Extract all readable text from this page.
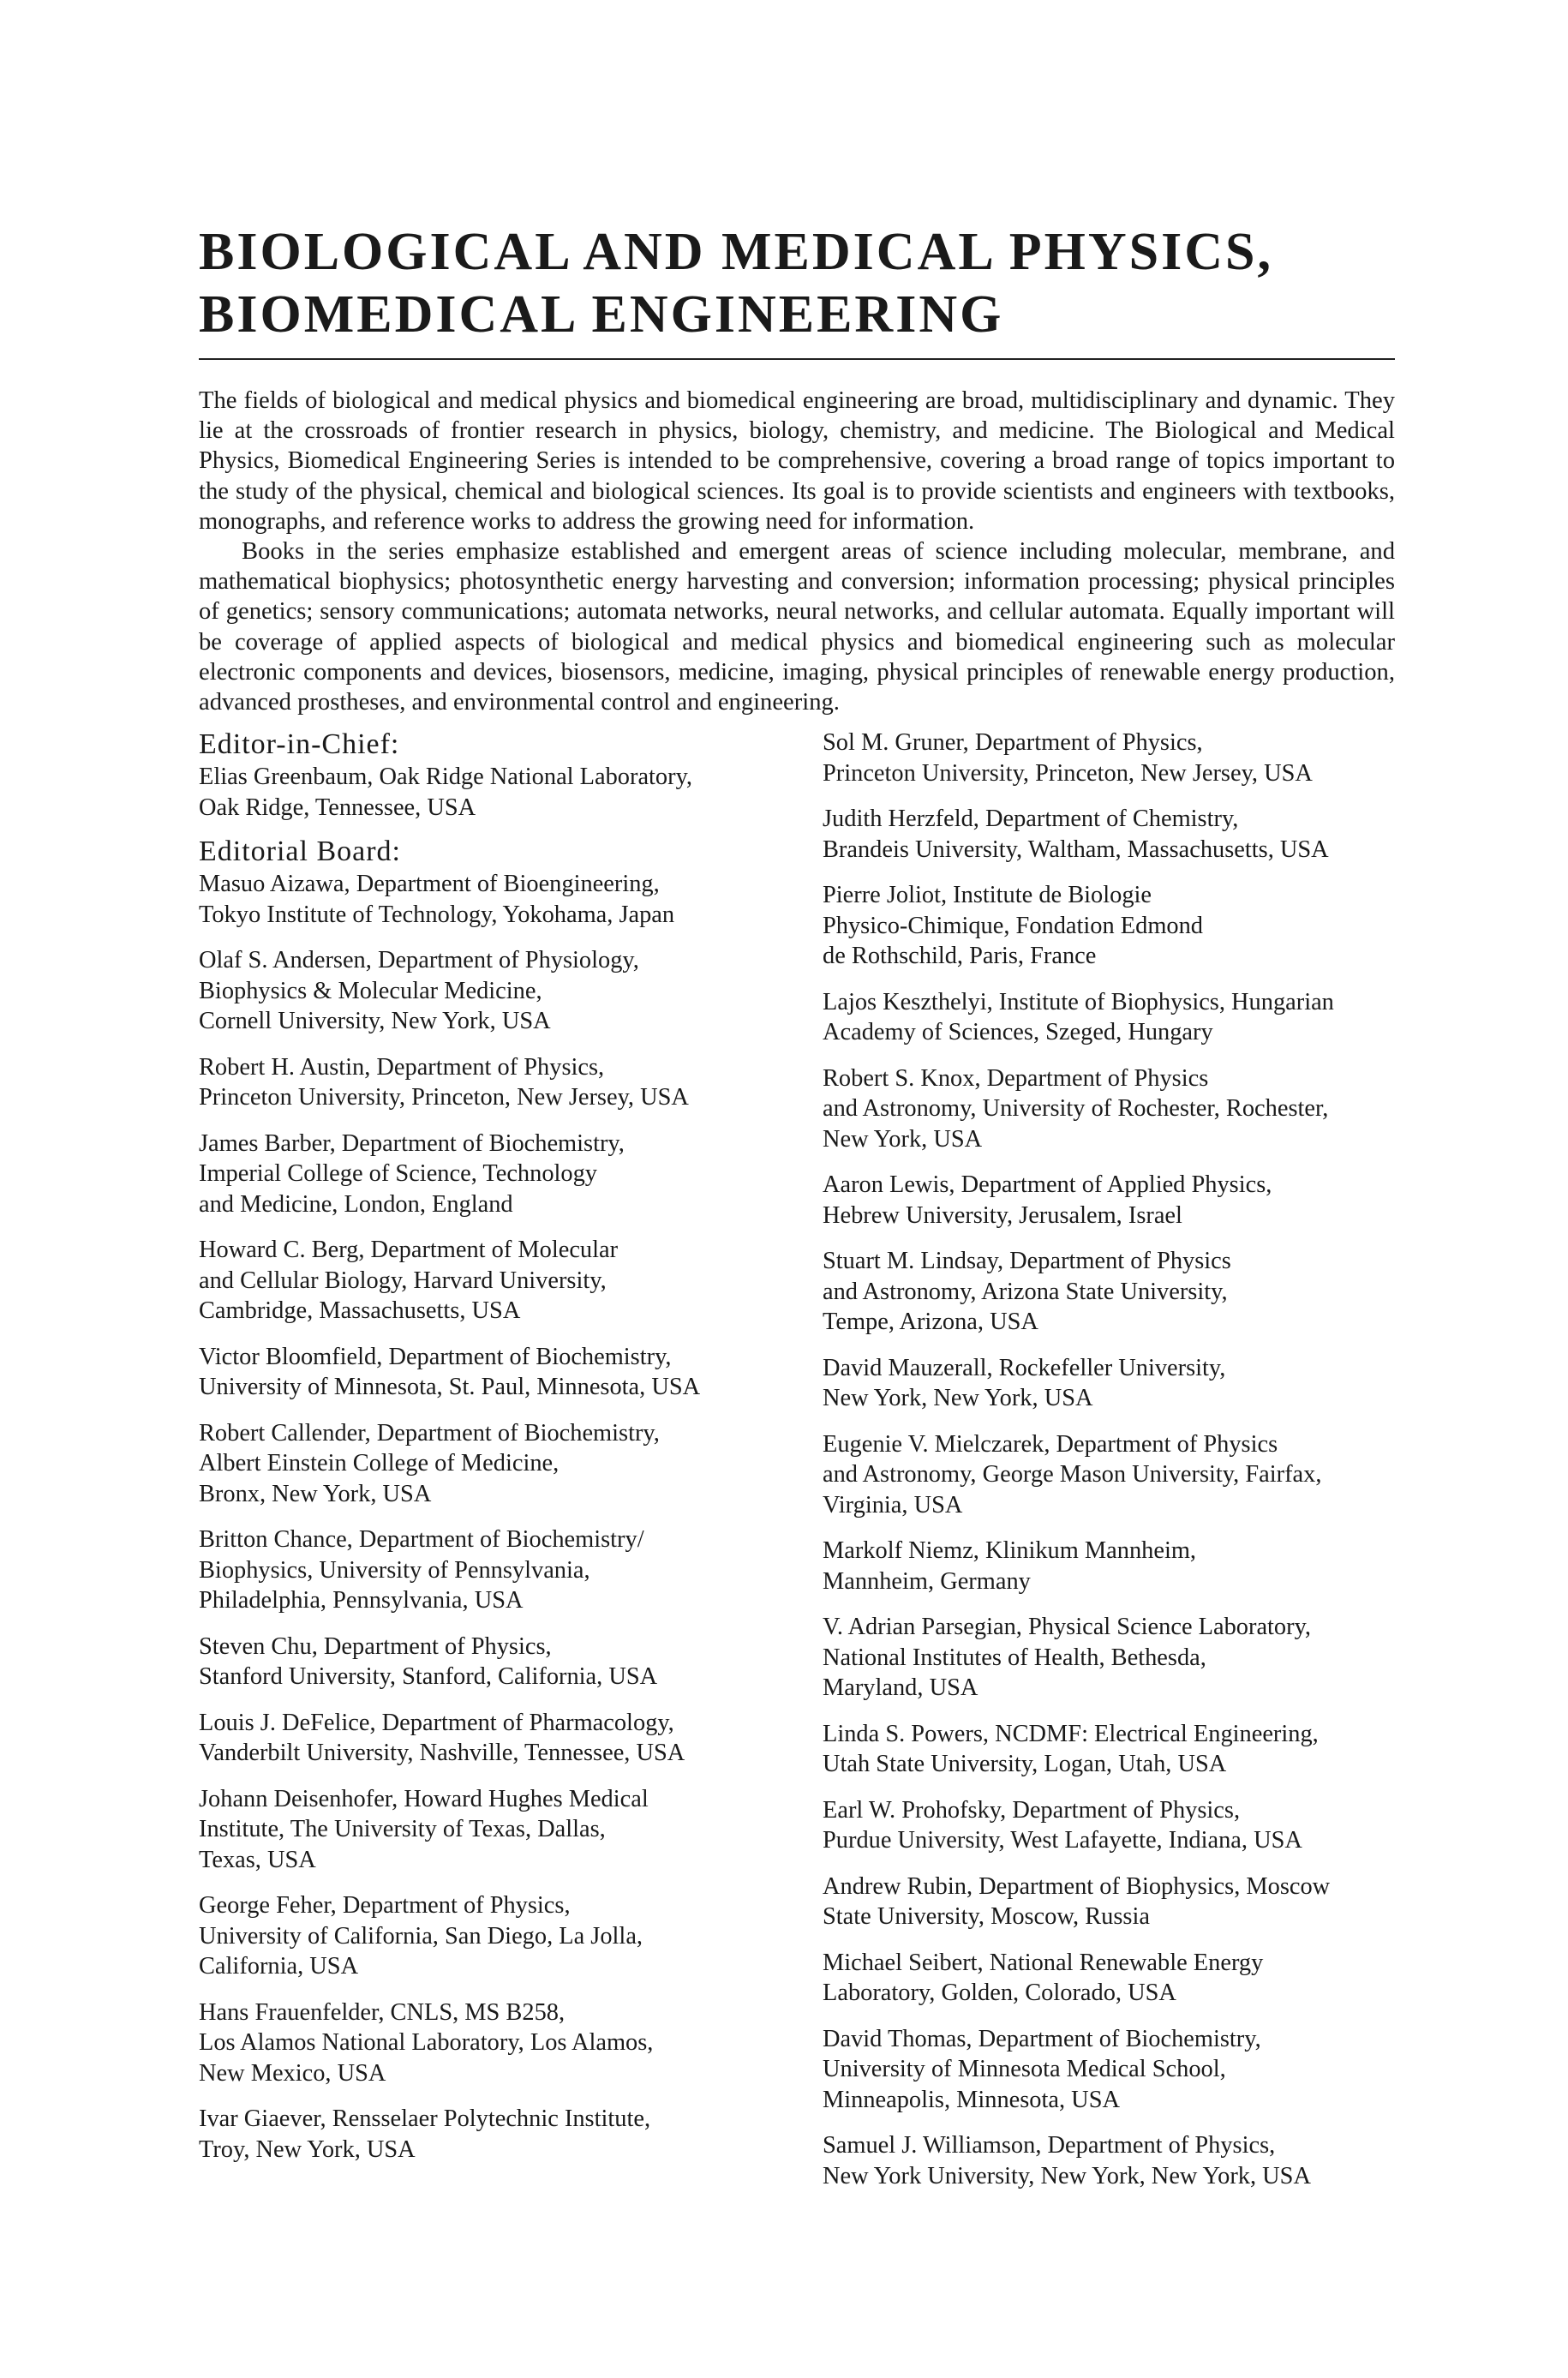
BIOLOGICAL AND MEDICAL PHYSICS,
BIOMEDICAL ENGINEERING

The fields of biological and medical physics and biomedical engineering are broad, multidisciplinary and dynamic. They lie at the crossroads of frontier research in physics, biology, chemistry, and medicine. The Biological and Medical Physics, Biomedical Engineering Series is intended to be comprehensive, covering a broad range of topics important to the study of the physical, chemical and biological sciences. Its goal is to provide scientists and engineers with textbooks, monographs, and reference works to address the growing need for information.

Books in the series emphasize established and emergent areas of science including molecular, membrane, and mathematical biophysics; photosynthetic energy harvesting and conversion; information processing; physical principles of genetics; sensory communications; automata networks, neural networks, and cellular automata. Equally important will be coverage of applied aspects of biological and medical physics and biomedical engineering such as molecular electronic components and devices, biosensors, medicine, imaging, physical principles of renewable energy production, advanced prostheses, and environmental control and engineering.

Editor-in-Chief:
Elias Greenbaum, Oak Ridge National Laboratory,
Oak Ridge, Tennessee, USA
Editorial Board:
Masuo Aizawa, Department of Bioengineering,
Tokyo Institute of Technology, Yokohama, Japan
Olaf S. Andersen, Department of Physiology,
Biophysics & Molecular Medicine,
Cornell University, New York, USA
Robert H. Austin, Department of Physics,
Princeton University, Princeton, New Jersey, USA
James Barber, Department of Biochemistry,
Imperial College of Science, Technology
and Medicine, London, England
Howard C. Berg, Department of Molecular
and Cellular Biology, Harvard University,
Cambridge, Massachusetts, USA
Victor Bloomfield, Department of Biochemistry,
University of Minnesota, St. Paul, Minnesota, USA
Robert Callender, Department of Biochemistry,
Albert Einstein College of Medicine,
Bronx, New York, USA
Britton Chance, Department of Biochemistry/
Biophysics, University of Pennsylvania,
Philadelphia, Pennsylvania, USA
Steven Chu, Department of Physics,
Stanford University, Stanford, California, USA
Louis J. DeFelice, Department of Pharmacology,
Vanderbilt University, Nashville, Tennessee, USA
Johann Deisenhofer, Howard Hughes Medical
Institute, The University of Texas, Dallas,
Texas, USA
George Feher, Department of Physics,
University of California, San Diego, La Jolla,
California, USA
Hans Frauenfelder, CNLS, MS B258,
Los Alamos National Laboratory, Los Alamos,
New Mexico, USA
Ivar Giaever, Rensselaer Polytechnic Institute,
Troy, New York, USA
Sol M. Gruner, Department of Physics,
Princeton University, Princeton, New Jersey, USA
Judith Herzfeld, Department of Chemistry,
Brandeis University, Waltham, Massachusetts, USA
Pierre Joliot, Institute de Biologie
Physico-Chimique, Fondation Edmond
de Rothschild, Paris, France
Lajos Keszthelyi, Institute of Biophysics, Hungarian
Academy of Sciences, Szeged, Hungary
Robert S. Knox, Department of Physics
and Astronomy, University of Rochester, Rochester,
New York, USA
Aaron Lewis, Department of Applied Physics,
Hebrew University, Jerusalem, Israel
Stuart M. Lindsay, Department of Physics
and Astronomy, Arizona State University,
Tempe, Arizona, USA
David Mauzerall, Rockefeller University,
New York, New York, USA
Eugenie V. Mielczarek, Department of Physics
and Astronomy, George Mason University, Fairfax,
Virginia, USA
Markolf Niemz, Klinikum Mannheim,
Mannheim, Germany
V. Adrian Parsegian, Physical Science Laboratory,
National Institutes of Health, Bethesda,
Maryland, USA
Linda S. Powers, NCDMF: Electrical Engineering,
Utah State University, Logan, Utah, USA
Earl W. Prohofsky, Department of Physics,
Purdue University, West Lafayette, Indiana, USA
Andrew Rubin, Department of Biophysics, Moscow
State University, Moscow, Russia
Michael Seibert, National Renewable Energy
Laboratory, Golden, Colorado, USA
David Thomas, Department of Biochemistry,
University of Minnesota Medical School,
Minneapolis, Minnesota, USA
Samuel J. Williamson, Department of Physics,
New York University, New York, New York, USA
